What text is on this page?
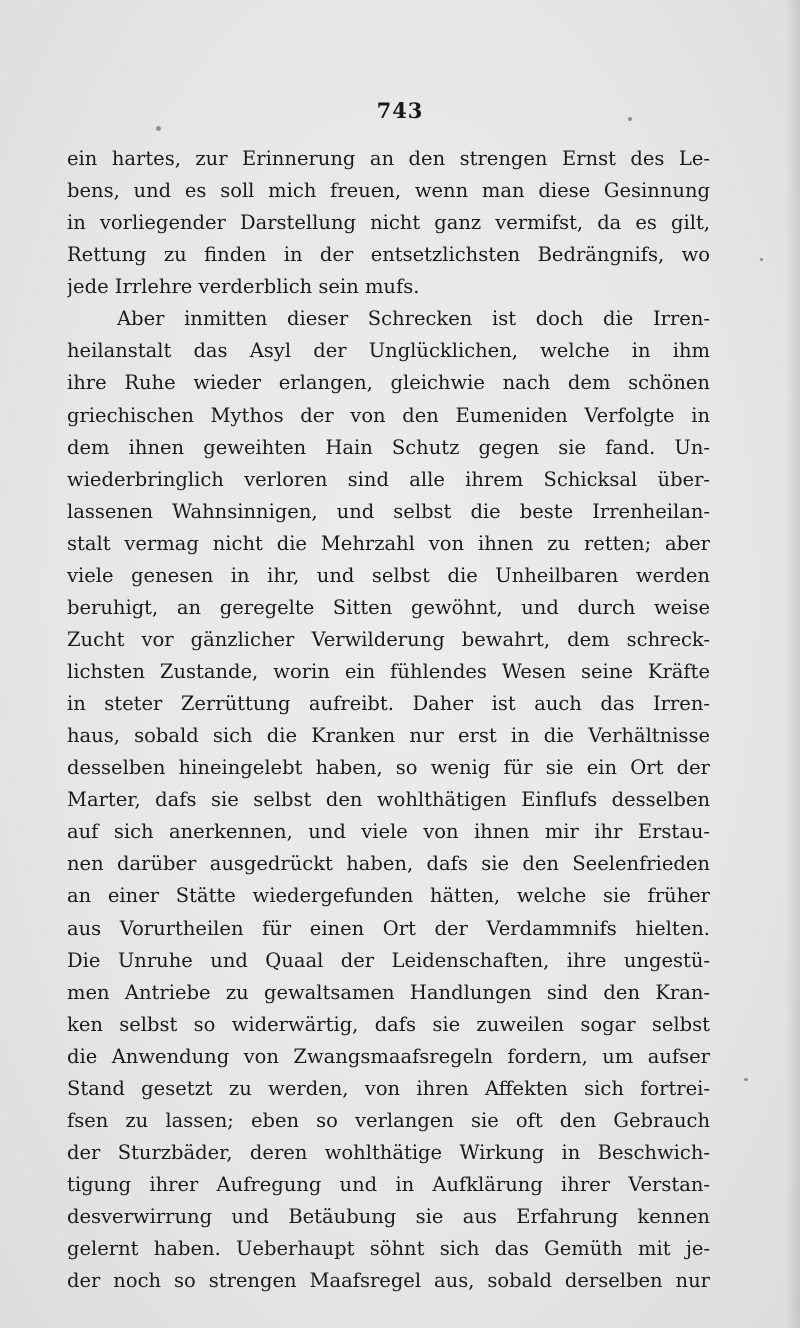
743
ein hartes, zur Erinnerung an den strengen Ernst des Le-
bens, und es soll mich freuen, wenn man diese Gesinnung
in vorliegender Darstellung nicht ganz vermifst, da es gilt,
Rettung zu finden in der entsetzlichsten Bedrängnifs, wo
jede Irrlehre verderblich sein mufs.
Aber inmitten dieser Schrecken ist doch die Irren-
heilanstalt das Asyl der Unglücklichen, welche in ihm
ihre Ruhe wieder erlangen, gleichwie nach dem schönen
griechischen Mythos der von den Eumeniden Verfolgte in
dem ihnen geweihten Hain Schutz gegen sie fand. Un-
wiederbringlich verloren sind alle ihrem Schicksal über-
lassenen Wahnsinnigen, und selbst die beste Irrenheilan-
stalt vermag nicht die Mehrzahl von ihnen zu retten; aber
viele genesen in ihr, und selbst die Unheilbaren werden
beruhigt, an geregelte Sitten gewöhnt, und durch weise
Zucht vor gänzlicher Verwilderung bewahrt, dem schreck-
lichsten Zustande, worin ein fühlendes Wesen seine Kräfte
in steter Zerrüttung aufreibt. Daher ist auch das Irren-
haus, sobald sich die Kranken nur erst in die Verhältnisse
desselben hineingelebt haben, so wenig für sie ein Ort der
Marter, dafs sie selbst den wohlthätigen Einflufs desselben
auf sich anerkennen, und viele von ihnen mir ihr Erstau-
nen darüber ausgedrückt haben, dafs sie den Seelenfrieden
an einer Stätte wiedergefunden hätten, welche sie früher
aus Vorurtheilen für einen Ort der Verdammnifs hielten.
Die Unruhe und Quaal der Leidenschaften, ihre ungestü-
men Antriebe zu gewaltsamen Handlungen sind den Kran-
ken selbst so widerwärtig, dafs sie zuweilen sogar selbst
die Anwendung von Zwangsmaafsregeln fordern, um aufser
Stand gesetzt zu werden, von ihren Affekten sich fortrei-
fsen zu lassen; eben so verlangen sie oft den Gebrauch
der Sturzbäder, deren wohlthätige Wirkung in Beschwich-
tigung ihrer Aufregung und in Aufklärung ihrer Verstan-
desverwirrung und Betäubung sie aus Erfahrung kennen
gelernt haben. Ueberhaupt söhnt sich das Gemüth mit je-
der noch so strengen Maafsregel aus, sobald derselben nur
